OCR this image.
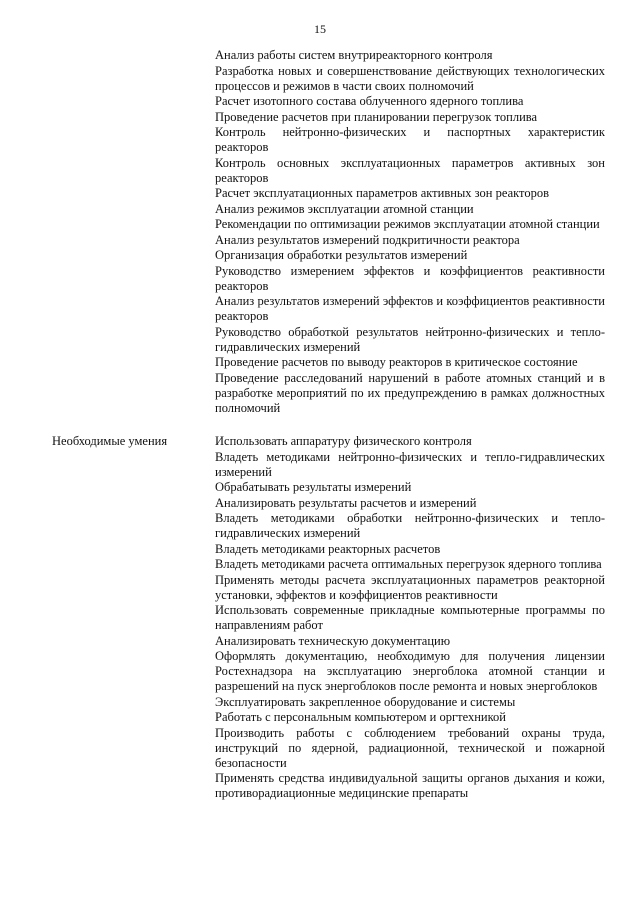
15
Анализ работы систем внутриреакторного контроля
Разработка новых и совершенствование действующих технологических процессов и режимов в части своих полномочий
Расчет изотопного состава облученного ядерного топлива
Проведение расчетов при планировании перегрузок топлива
Контроль нейтронно-физических и паспортных характеристик реакторов
Контроль основных эксплуатационных параметров активных зон реакторов
Расчет эксплуатационных параметров активных зон реакторов
Анализ режимов эксплуатации атомной станции
Рекомендации по оптимизации режимов эксплуатации атомной станции
Анализ результатов измерений подкритичности реактора
Организация обработки результатов измерений
Руководство измерением эффектов и коэффициентов реактивности реакторов
Анализ результатов измерений эффектов и коэффициентов реактивности реакторов
Руководство обработкой результатов нейтронно-физических и тепло-гидравлических измерений
Проведение расчетов по выводу реакторов в критическое состояние
Проведение расследований нарушений в работе атомных станций и в разработке мероприятий по их предупреждению в рамках должностных полномочий
Необходимые умения	Использовать аппаратуру физического контроля
Владеть методиками нейтронно-физических и тепло-гидравлических измерений
Обрабатывать результаты измерений
Анализировать результаты расчетов и измерений
Владеть методиками обработки нейтронно-физических и тепло-гидравлических измерений
Владеть методиками реакторных расчетов
Владеть методиками расчета оптимальных перегрузок ядерного топлива
Применять методы расчета эксплуатационных параметров реакторной установки, эффектов и коэффициентов реактивности
Использовать современные прикладные компьютерные программы по направлениям работ
Анализировать техническую документацию
Оформлять документацию, необходимую для получения лицензии Ростехнадзора на эксплуатацию энергоблока атомной станции и разрешений на пуск энергоблоков после ремонта и новых энергоблоков
Эксплуатировать закрепленное оборудование и системы
Работать с персональным компьютером и оргтехникой
Производить работы с соблюдением требований охраны труда, инструкций по ядерной, радиационной, технической и пожарной безопасности
Применять средства индивидуальной защиты органов дыхания и кожи, противорадиационные медицинские препараты
